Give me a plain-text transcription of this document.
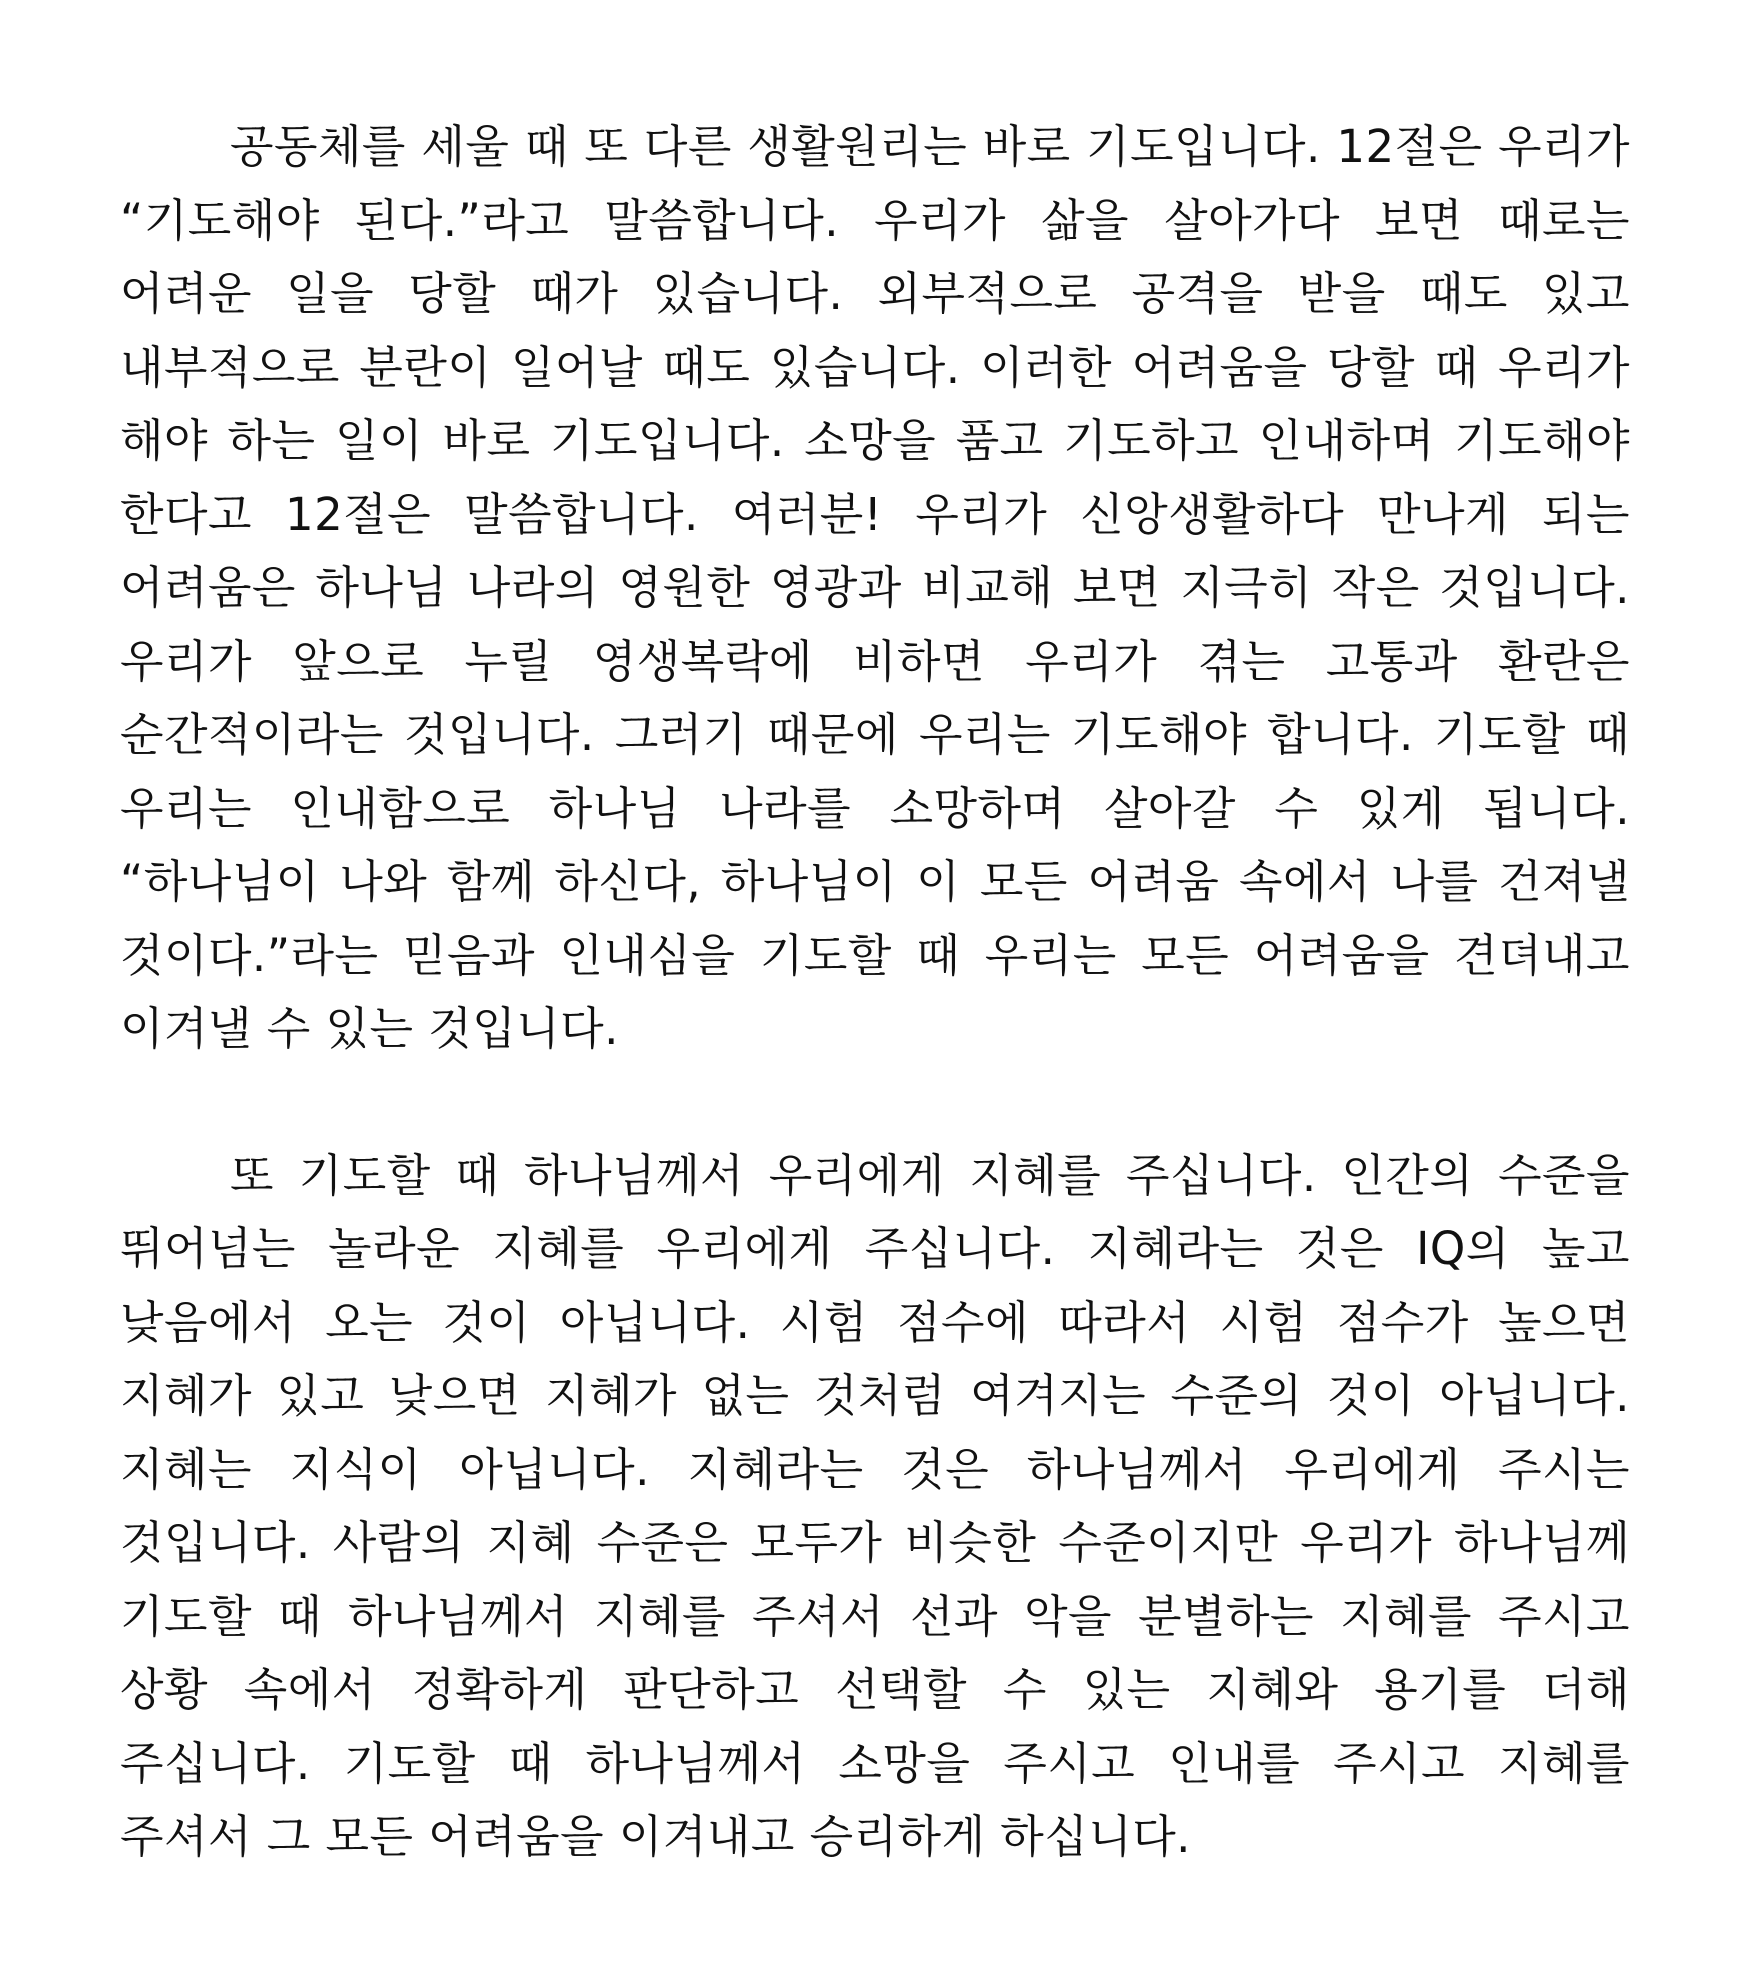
공동체를 세울 때 또 다른 생활원리는 바로 기도입니다. 12절은 우리가 “기도해야 된다.”라고 말씀합니다. 우리가 삶을 살아가다 보면 때로는 어려운 일을 당할 때가 있습니다. 외부적으로 공격을 받을 때도 있고 내부적으로 분란이 일어날 때도 있습니다. 이러한 어려움을 당할 때 우리가 해야 하는 일이 바로 기도입니다. 소망을 품고 기도하고 인내하며 기도해야 한다고 12절은 말씀합니다. 여러분! 우리가 신앙생활하다 만나게 되는 어려움은 하나님 나라의 영원한 영광과 비교해 보면 지극히 작은 것입니다. 우리가 앞으로 누릴 영생복락에 비하면 우리가 겪는 고통과 환란은 순간적이라는 것입니다. 그러기 때문에 우리는 기도해야 합니다. 기도할 때 우리는 인내함으로 하나님 나라를 소망하며 살아갈 수 있게 됩니다. “하나님이 나와 함께 하신다, 하나님이 이 모든 어려움 속에서 나를 건져낼 것이다.”라는 믿음과 인내심을 기도할 때 우리는 모든 어려움을 견뎌내고 이겨낼 수 있는 것입니다.

또 기도할 때 하나님께서 우리에게 지혜를 주십니다. 인간의 수준을 뛰어넘는 놀라운 지혜를 우리에게 주십니다. 지혜라는 것은 IQ의 높고 낮음에서 오는 것이 아닙니다. 시험 점수에 따라서 시험 점수가 높으면 지혜가 있고 낮으면 지혜가 없는 것처럼 여겨지는 수준의 것이 아닙니다. 지혜는 지식이 아닙니다. 지혜라는 것은 하나님께서 우리에게 주시는 것입니다. 사람의 지혜 수준은 모두가 비슷한 수준이지만 우리가 하나님께 기도할 때 하나님께서 지혜를 주셔서 선과 악을 분별하는 지혜를 주시고 상황 속에서 정확하게 판단하고 선택할 수 있는 지혜와 용기를 더해 주십니다. 기도할 때 하나님께서 소망을 주시고 인내를 주시고 지혜를 주셔서 그 모든 어려움을 이겨내고 승리하게 하십니다.
